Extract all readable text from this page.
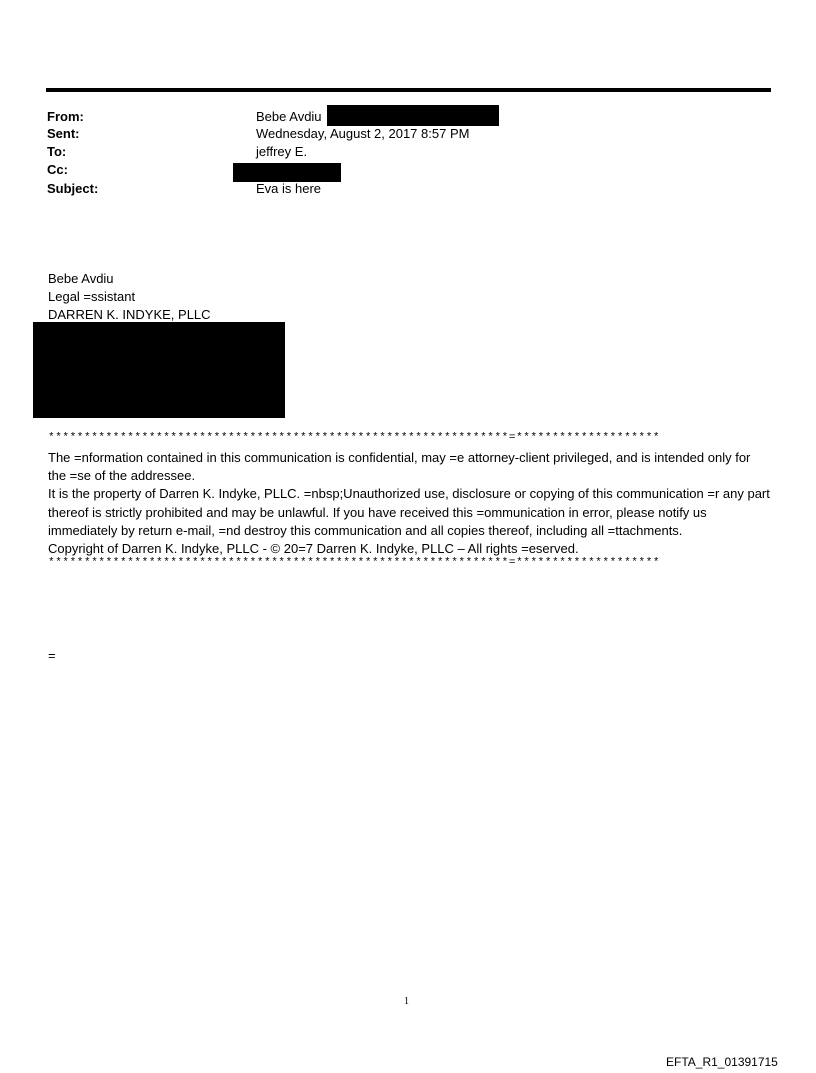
From:	Bebe Avdiu
Sent:	Wednesday, August 2, 2017 8:57 PM
To:	jeffrey E.
Cc:
Subject:	Eva is here
Bebe Avdiu
Legal =ssistant
DARREN K. INDYKE, PLLC
****************************************************************=********************

The =nformation contained in this communication is confidential, may =e attorney-client privileged, and is intended only for the =se of the addressee.

It is the property of Darren K. Indyke, PLLC. =nbsp;Unauthorized use, disclosure or copying of this communication =r any part thereof is strictly prohibited and may be unlawful. If you have received this =ommunication in error, please notify us immediately by return e-mail, =nd destroy this communication and all copies thereof, including all =ttachments.

Copyright of Darren K. Indyke, PLLC - © 20=7 Darren K. Indyke, PLLC – All rights =eserved.

****************************************************************=********************
=
1
EFTA_R1_01391715
